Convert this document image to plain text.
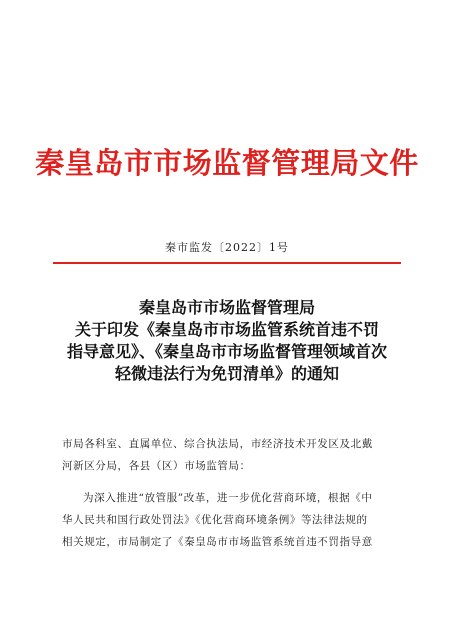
秦皇岛市市场监督管理局文件
秦市监发〔2022〕1号
秦皇岛市市场监督管理局
关于印发《秦皇岛市市场监管系统首违不罚
指导意见》、《秦皇岛市市场监督管理领域首次
轻微违法行为免罚清单》的通知
市局各科室、直属单位、综合执法局，市经济技术开发区及北戴
河新区分局，各县（区）市场监管局：
为深入推进“放管服”改革，进一步优化营商环境，根据《中
华人民共和国行政处罚法》《优化营商环境条例》等法律法规的
相关规定，市局制定了《秦皇岛市市场监管系统首违不罚指导意
